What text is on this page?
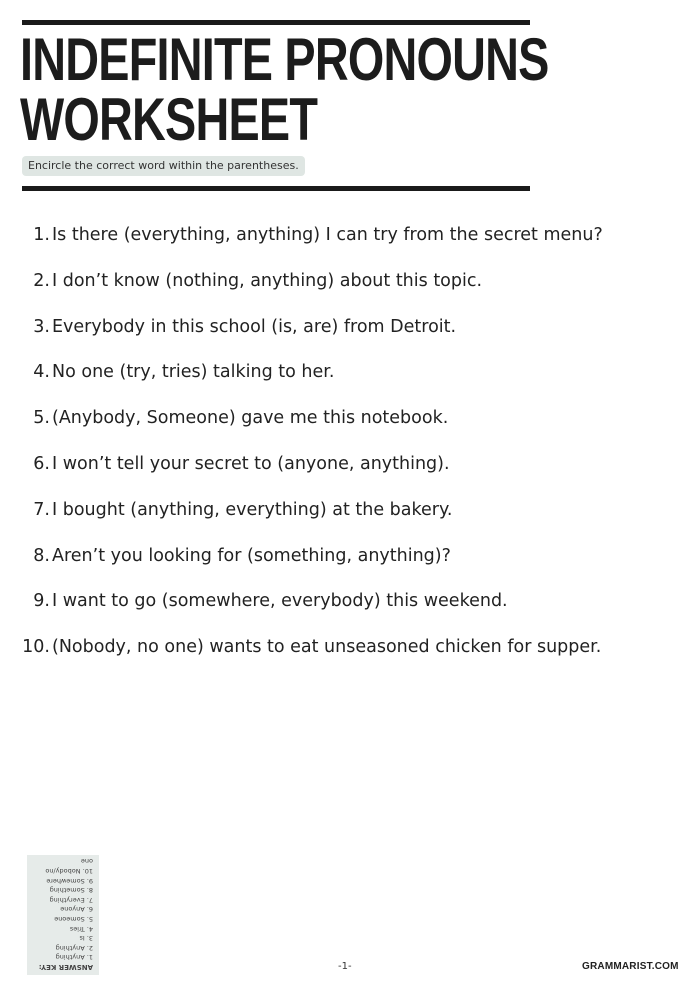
INDEFINITE PRONOUNS
WORKSHEET
Encircle the correct word within the parentheses.
1. Is there (everything, anything) I can try from the secret menu?
2. I don’t know (nothing, anything) about this topic.
3. Everybody in this school (is, are) from Detroit.
4. No one (try, tries) talking to her.
5. (Anybody, Someone) gave me this notebook.
6. I won’t tell your secret to (anyone, anything).
7. I bought (anything, everything) at the bakery.
8. Aren’t you looking for (something, anything)?
9. I want to go (somewhere, everybody) this weekend.
10. (Nobody, no one) wants to eat unseasoned chicken for supper.
ANSWER KEY:
1. Anything
2. Anything
3. Is
4. Tries
5. Someone
6. Anyone
7. Everything
8. Something
9. Somewhere
10. Nobody/no one
-1-	GRAMMARIST.COM
